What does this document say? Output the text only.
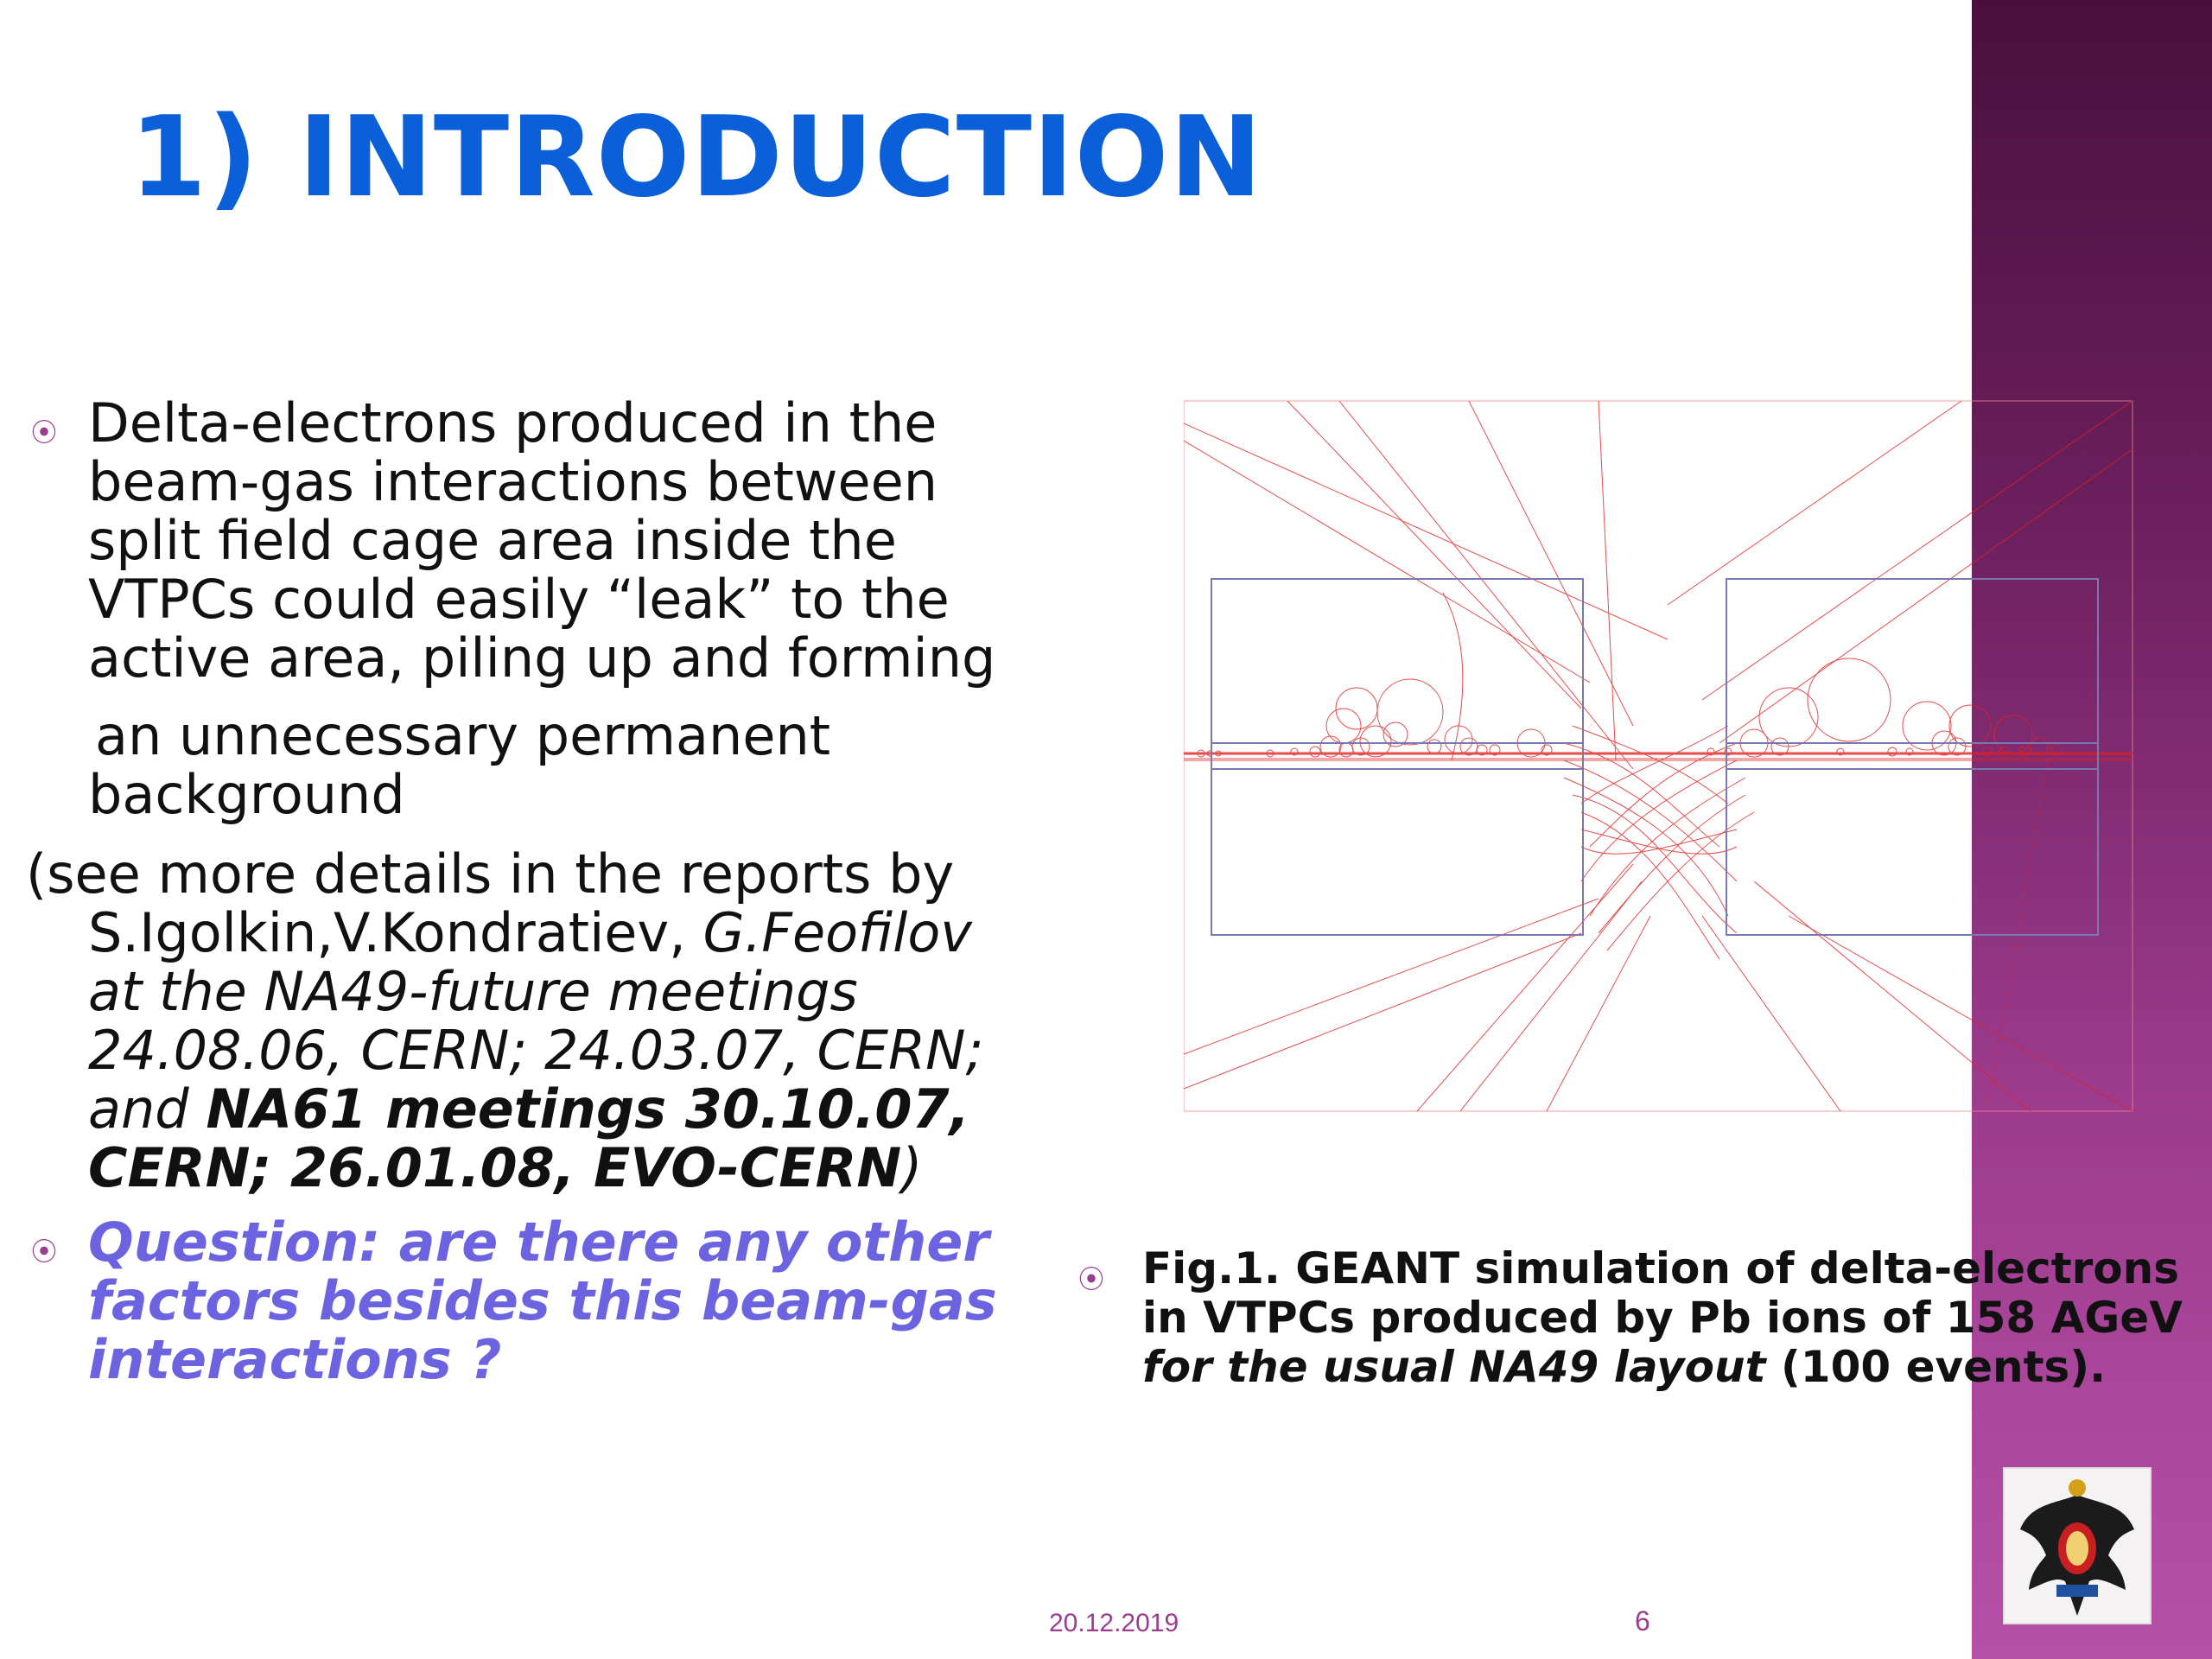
1) INTRODUCTION
⦿ Delta-electrons produced in the
beam-gas interactions between
split field cage area inside the
VTPCs could easily “leak” to the
active area, piling up and forming
an unnecessary permanent
background
(see more details in the reports by
S.Igolkin,V.Kondratiev, G.Feofilov
at the NA49-future meetings
24.08.06, CERN; 24.03.07, CERN;
and NA61 meetings 30.10.07,
CERN; 26.01.08, EVO-CERN)
⦿ Question: are there any other
factors besides this beam-gas
interactions ?
⦿ Fig.1. GEANT simulation of delta-electrons
in VTPCs produced by Pb ions of 158 AGeV
for the usual NA49 layout (100 events).
20.12.2019	6
